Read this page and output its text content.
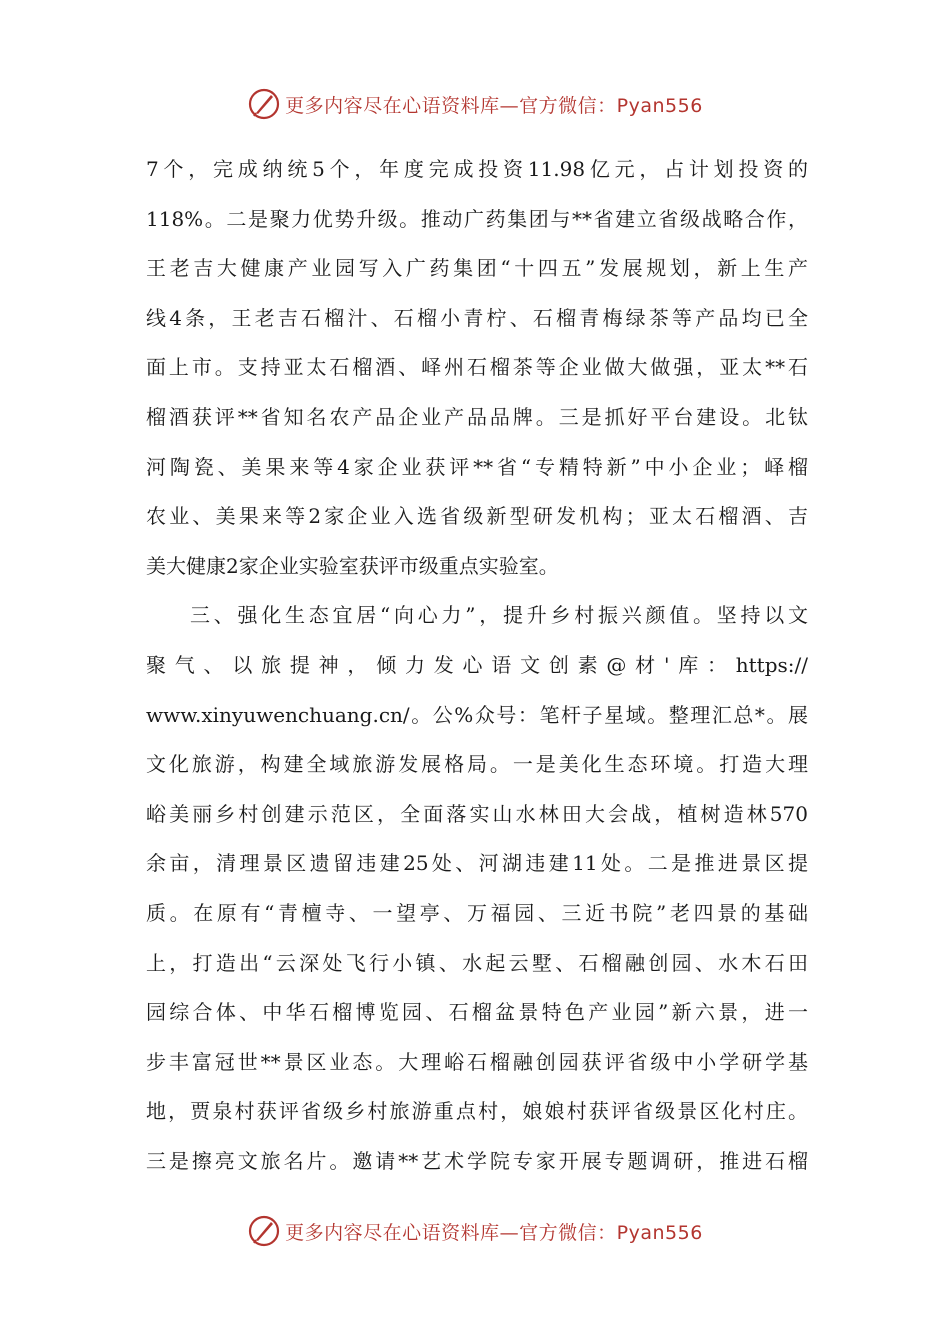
更多内容尽在心语资料库—官方微信：Pyan556
7个，完成纳统5个，年度完成投资11.98亿元，占计划投资的
118%。二是聚力优势升级。推动广药集团与**省建立省级战略合作，
王老吉大健康产业园写入广药集团“十四五”发展规划，新上生产
线4条，王老吉石榴汁、石榴小青柠、石榴青梅绿茶等产品均已全
面上市。支持亚太石榴酒、峄州石榴茶等企业做大做强，亚太**石
榴酒获评**省知名农产品企业产品品牌。三是抓好平台建设。北钛
河陶瓷、美果来等4家企业获评**省“专精特新”中小企业；峄榴
农业、美果来等2家企业入选省级新型研发机构；亚太石榴酒、吉
美大健康2家企业实验室获评市级重点实验室。
三、强化生态宜居“向心力”，提升乡村振兴颜值。坚持以文
聚气、以旅提神，倾力发心语文创素@材'库：https://
www.xinyuwenchuang.cn/。公%众号：笔杆子星域。整理汇总*。展
文化旅游，构建全域旅游发展格局。一是美化生态环境。打造大理
峪美丽乡村创建示范区，全面落实山水林田大会战，植树造林570
余亩，清理景区遗留违建25处、河湖违建11处。二是推进景区提
质。在原有“青檀寺、一望亭、万福园、三近书院”老四景的基础
上，打造出“云深处飞行小镇、水起云墅、石榴融创园、水木石田
园综合体、中华石榴博览园、石榴盆景特色产业园”新六景，进一
步丰富冠世**景区业态。大理峪石榴融创园获评省级中小学研学基
地，贾泉村获评省级乡村旅游重点村，娘娘村获评省级景区化村庄。
三是擦亮文旅名片。邀请**艺术学院专家开展专题调研，推进石榴
更多内容尽在心语资料库—官方微信：Pyan556
